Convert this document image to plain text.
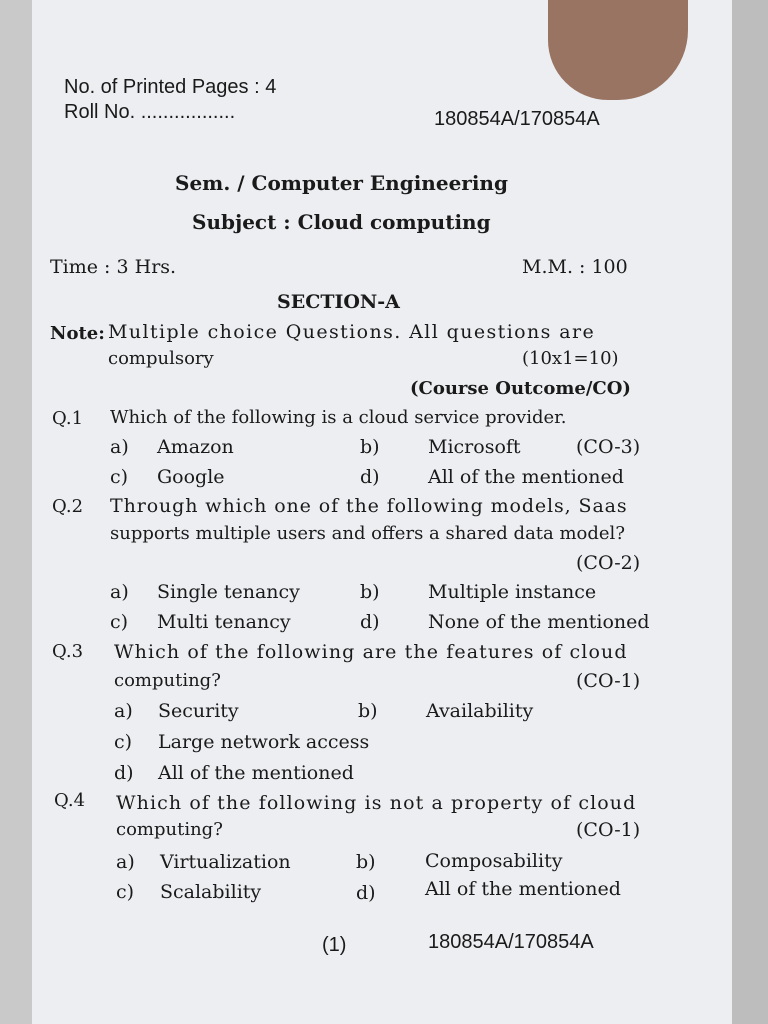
No. of Printed Pages : 4
Roll No. .................	180854A/170854A
Sem. / Computer Engineering
Subject : Cloud computing
Time : 3 Hrs.	M.M. : 100
SECTION-A
Note: Multiple choice Questions. All questions are
compulsory	(10x1=10)
(Course Outcome/CO)
Q.1 Which of the following is a cloud service provider.
a) Amazon	b)	Microsoft	(CO-3)
c) Google	d)	All of the mentioned
Q.2 Through which one of the following models, Saas
supports multiple users and offers a shared data model?
(CO-2)
a) Single tenancy	b)	Multiple instance
c) Multi tenancy	d)	None of the mentioned
Q.3 Which of the following are the features of cloud
computing?	(CO-1)
a) Security	b)	Availability
c) Large network access
d) All of the mentioned
Q.4 Which of the following is not a property of cloud
computing?	(CO-1)
a) Virtualization	b)	Composability
c) Scalability	d)	All of the mentioned
(1)	180854A/170854A
